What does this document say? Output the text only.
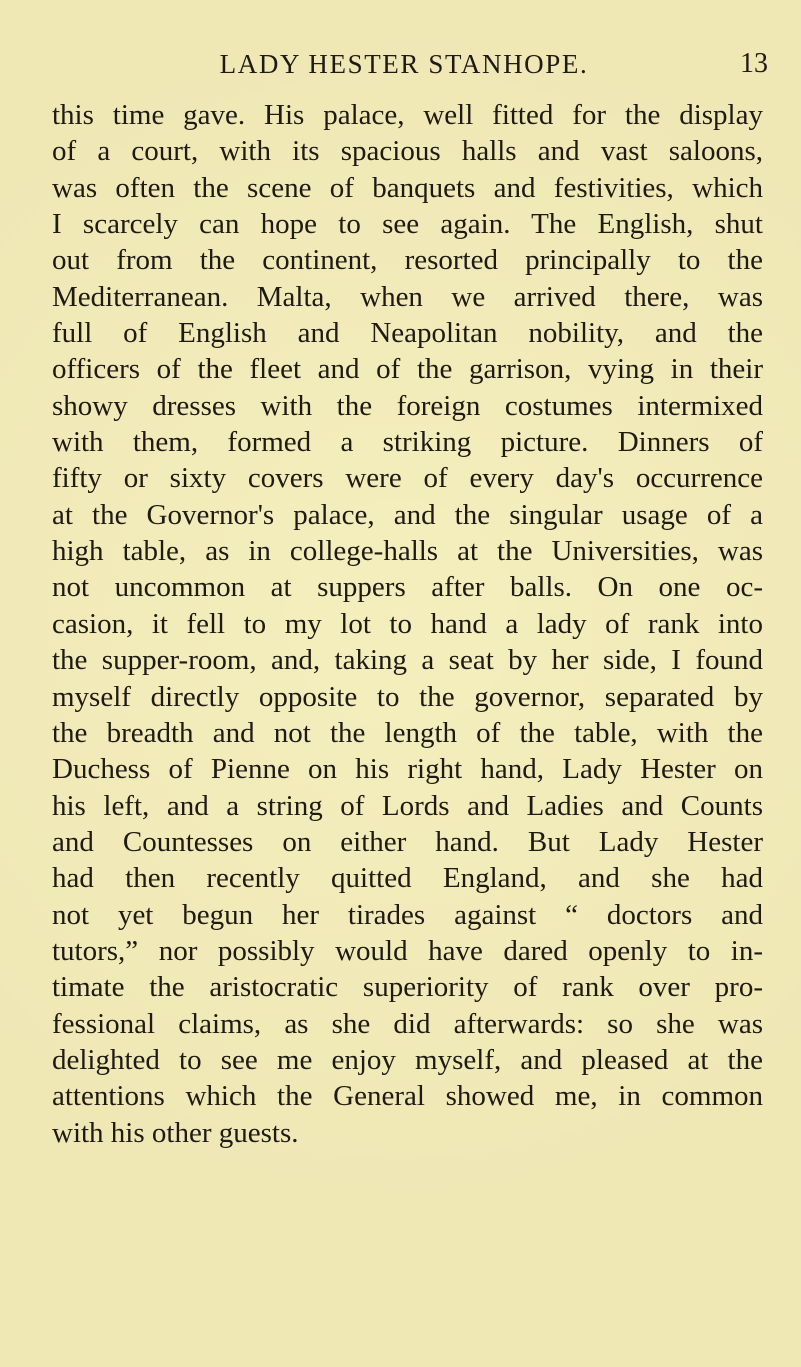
LADY HESTER STANHOPE.	13
this time gave. His palace, well fitted for the display
of a court, with its spacious halls and vast saloons,
was often the scene of banquets and festivities, which
I scarcely can hope to see again. The English, shut
out from the continent, resorted principally to the
Mediterranean. Malta, when we arrived there, was
full of English and Neapolitan nobility, and the
officers of the fleet and of the garrison, vying in their
showy dresses with the foreign costumes intermixed
with them, formed a striking picture. Dinners of
fifty or sixty covers were of every day's occurrence
at the Governor's palace, and the singular usage of a
high table, as in college-halls at the Universities, was
not uncommon at suppers after balls. On one oc-
casion, it fell to my lot to hand a lady of rank into
the supper-room, and, taking a seat by her side, I found
myself directly opposite to the governor, separated by
the breadth and not the length of the table, with the
Duchess of Pienne on his right hand, Lady Hester on
his left, and a string of Lords and Ladies and Counts
and Countesses on either hand. But Lady Hester
had then recently quitted England, and she had
not yet begun her tirades against “ doctors and
tutors,” nor possibly would have dared openly to in-
timate the aristocratic superiority of rank over pro-
fessional claims, as she did afterwards: so she was
delighted to see me enjoy myself, and pleased at the
attentions which the General showed me, in common
with his other guests.
